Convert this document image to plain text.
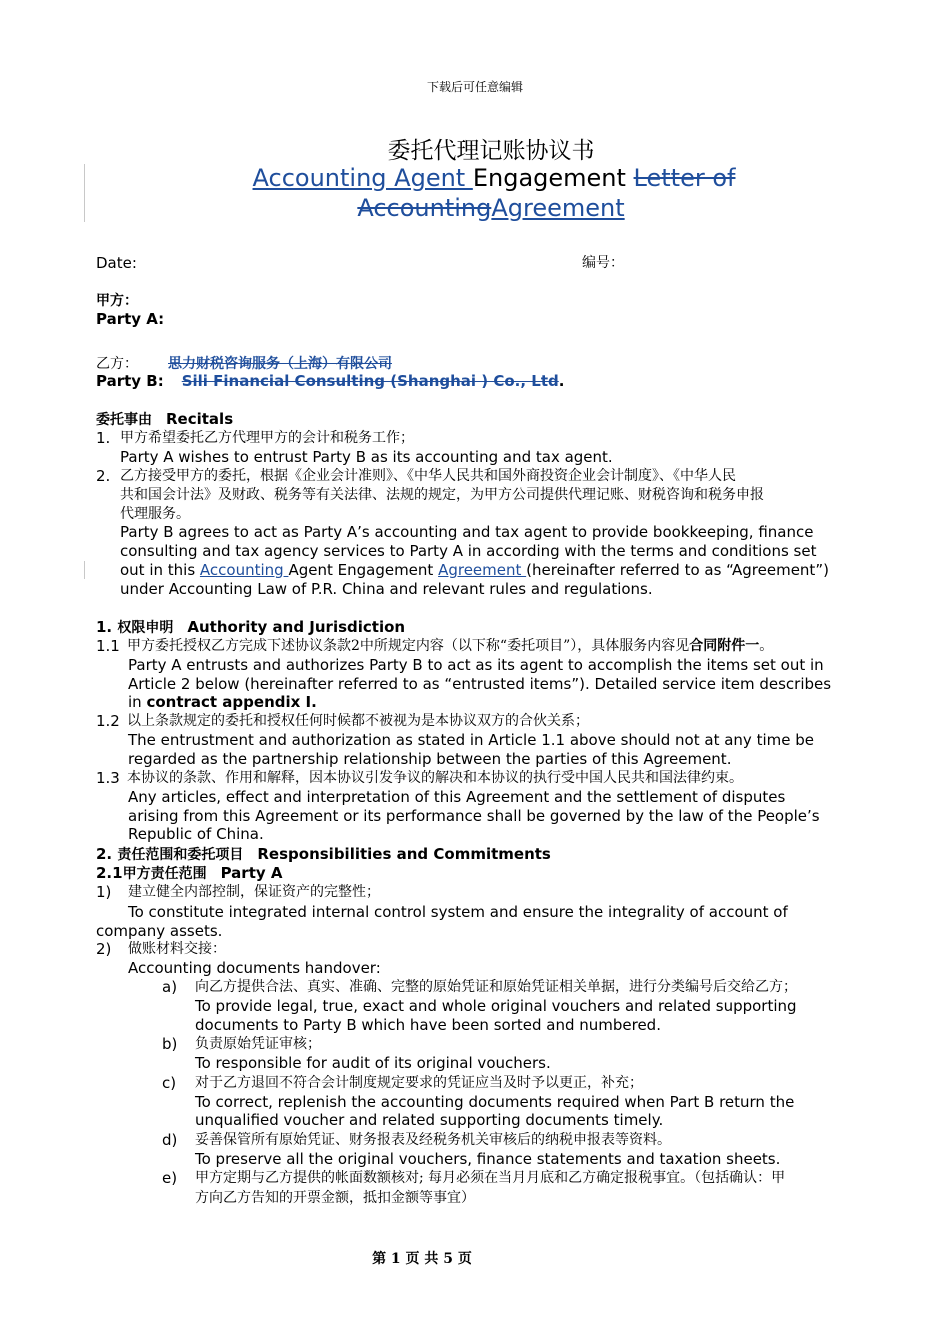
下载后可任意编辑
委托代理记账协议书
Accounting Agent Engagement Letter of
AccountingAgreement
Date:	编号：
甲方：
Party A:
乙方： 思力财税咨询服务（上海）有限公司
Party B: Sili Financial Consulting (Shanghai ) Co., Ltd.
委托事由 Recitals
1. 甲方希望委托乙方代理甲方的会计和税务工作；
Party A wishes to entrust Party B as its accounting and tax agent.
2. 乙方接受甲方的委托，根据《企业会计准则》、《中华人民共和国外商投资企业会计制度》、《中华人民
共和国会计法》及财政、税务等有关法律、法规的规定，为甲方公司提供代理记账、财税咨询和税务申报
代理服务。
Party B agrees to act as Party A’s accounting and tax agent to provide bookkeeping, finance
consulting and tax agency services to Party A in according with the terms and conditions set
out in this Accounting Agent Engagement Agreement (hereinafter referred to as “Agreement”)
under Accounting Law of P.R. China and relevant rules and regulations.
1. 权限申明 Authority and Jurisdiction
1.1 甲方委托授权乙方完成下述协议条款2中所规定内容（以下称“委托项目”），具体服务内容见合同附件一。
Party A entrusts and authorizes Party B to act as its agent to accomplish the items set out in
Article 2 below (hereinafter referred to as “entrusted items”). Detailed service item describes
in contract appendix I.
1.2 以上条款规定的委托和授权任何时候都不被视为是本协议双方的合伙关系；
The entrustment and authorization as stated in Article 1.1 above should not at any time be
regarded as the partnership relationship between the parties of this Agreement.
1.3 本协议的条款、作用和解释，因本协议引发争议的解决和本协议的执行受中国人民共和国法律约束。
Any articles, effect and interpretation of this Agreement and the settlement of disputes
arising from this Agreement or its performance shall be governed by the law of the People’s
Republic of China.
2. 责任范围和委托项目 Responsibilities and Commitments
2.1甲方责任范围 Party A
1) 建立健全内部控制，保证资产的完整性；
To constitute integrated internal control system and ensure the integrality of account of
company assets.
2) 做账材料交接：
Accounting documents handover:
a) 向乙方提供合法、真实、准确、完整的原始凭证和原始凭证相关单据，进行分类编号后交给乙方；
To provide legal, true, exact and whole original vouchers and related supporting
documents to Party B which have been sorted and numbered.
b) 负责原始凭证审核；
To responsible for audit of its original vouchers.
c) 对于乙方退回不符合会计制度规定要求的凭证应当及时予以更正，补充；
To correct, replenish the accounting documents required when Part B return the
unqualified voucher and related supporting documents timely.
d) 妥善保管所有原始凭证、财务报表及经税务机关审核后的纳税申报表等资料。
To preserve all the original vouchers, finance statements and taxation sheets.
e) 甲方定期与乙方提供的帐面数额核对; 每月必须在当月月底和乙方确定报税事宜。（包括确认：甲
方向乙方告知的开票金额，抵扣金额等事宜）
第 1 页 共 5 页
